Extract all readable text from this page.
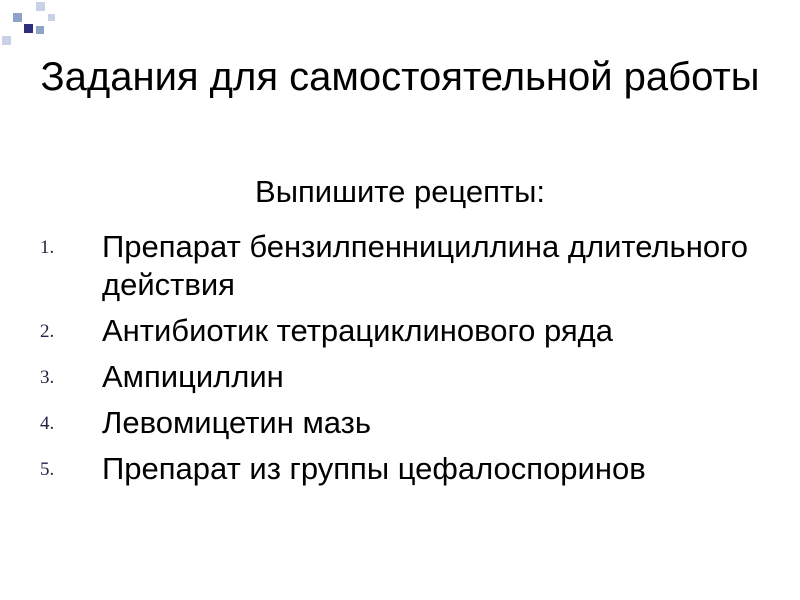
Задания для самостоятельной работы
Выпишите рецепты:
1. Препарат бензилпеннициллина длительного действия
2. Антибиотик тетрациклинового ряда
3. Ампициллин
4. Левомицетин мазь
5. Препарат из группы цефалоспоринов
